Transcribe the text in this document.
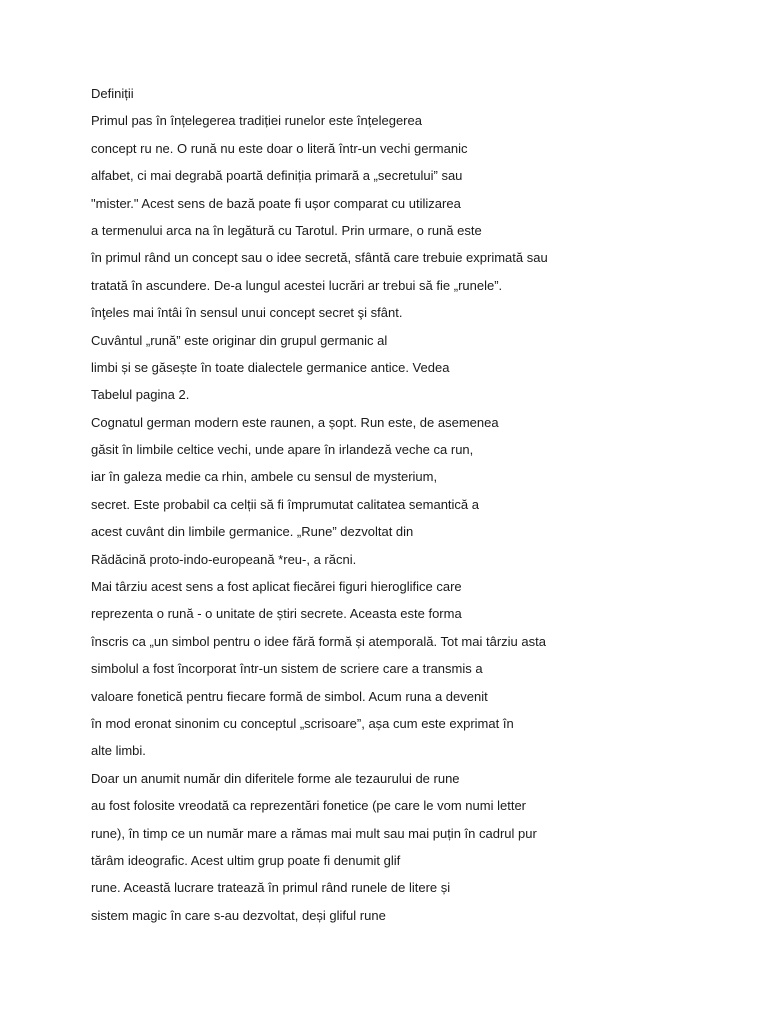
Definiții

Primul pas în înțelegerea tradiției runelor este înțelegerea

concept ru ne. O rună nu este doar o literă într-un vechi germanic

alfabet, ci mai degrabă poartă definiția primară a „secretului” sau

"mister." Acest sens de bază poate fi ușor comparat cu utilizarea

a termenului arca na în legătură cu Tarotul. Prin urmare, o rună este

în primul rând un concept sau o idee secretă, sfântă care trebuie exprimată sau

tratată în ascundere. De-a lungul acestei lucrări ar trebui să fie „runele”.

înţeles mai întâi în sensul unui concept secret şi sfânt.

Cuvântul „rună” este originar din grupul germanic al

limbi și se găsește în toate dialectele germanice antice. Vedea

Tabelul pagina 2.

Cognatul german modern este raunen, a șopt. Run este, de asemenea

găsit în limbile celtice vechi, unde apare în irlandeză veche ca run,

iar în galeza medie ca rhin, ambele cu sensul de mysterium,

secret. Este probabil ca celții să fi împrumutat calitatea semantică a

acest cuvânt din limbile germanice. „Rune” dezvoltat din

Rădăcină proto-indo-europeană *reu-, a răcni.

Mai târziu acest sens a fost aplicat fiecărei figuri hieroglifice care

reprezenta o rună - o unitate de știri secrete. Aceasta este forma

înscris ca „un simbol pentru o idee fără formă și atemporală. Tot mai târziu asta

simbolul a fost încorporat într-un sistem de scriere care a transmis a

valoare fonetică pentru fiecare formă de simbol. Acum runa a devenit

în mod eronat sinonim cu conceptul „scrisoare”, așa cum este exprimat în

alte limbi.

Doar un anumit număr din diferitele forme ale tezaurului de rune

au fost folosite vreodată ca reprezentări fonetice (pe care le vom numi letter

rune), în timp ce un număr mare a rămas mai mult sau mai puțin în cadrul pur

tărâm ideografic. Acest ultim grup poate fi denumit glif

rune. Această lucrare tratează în primul rând runele de litere și

sistem magic în care s-au dezvoltat, deși gliful rune
